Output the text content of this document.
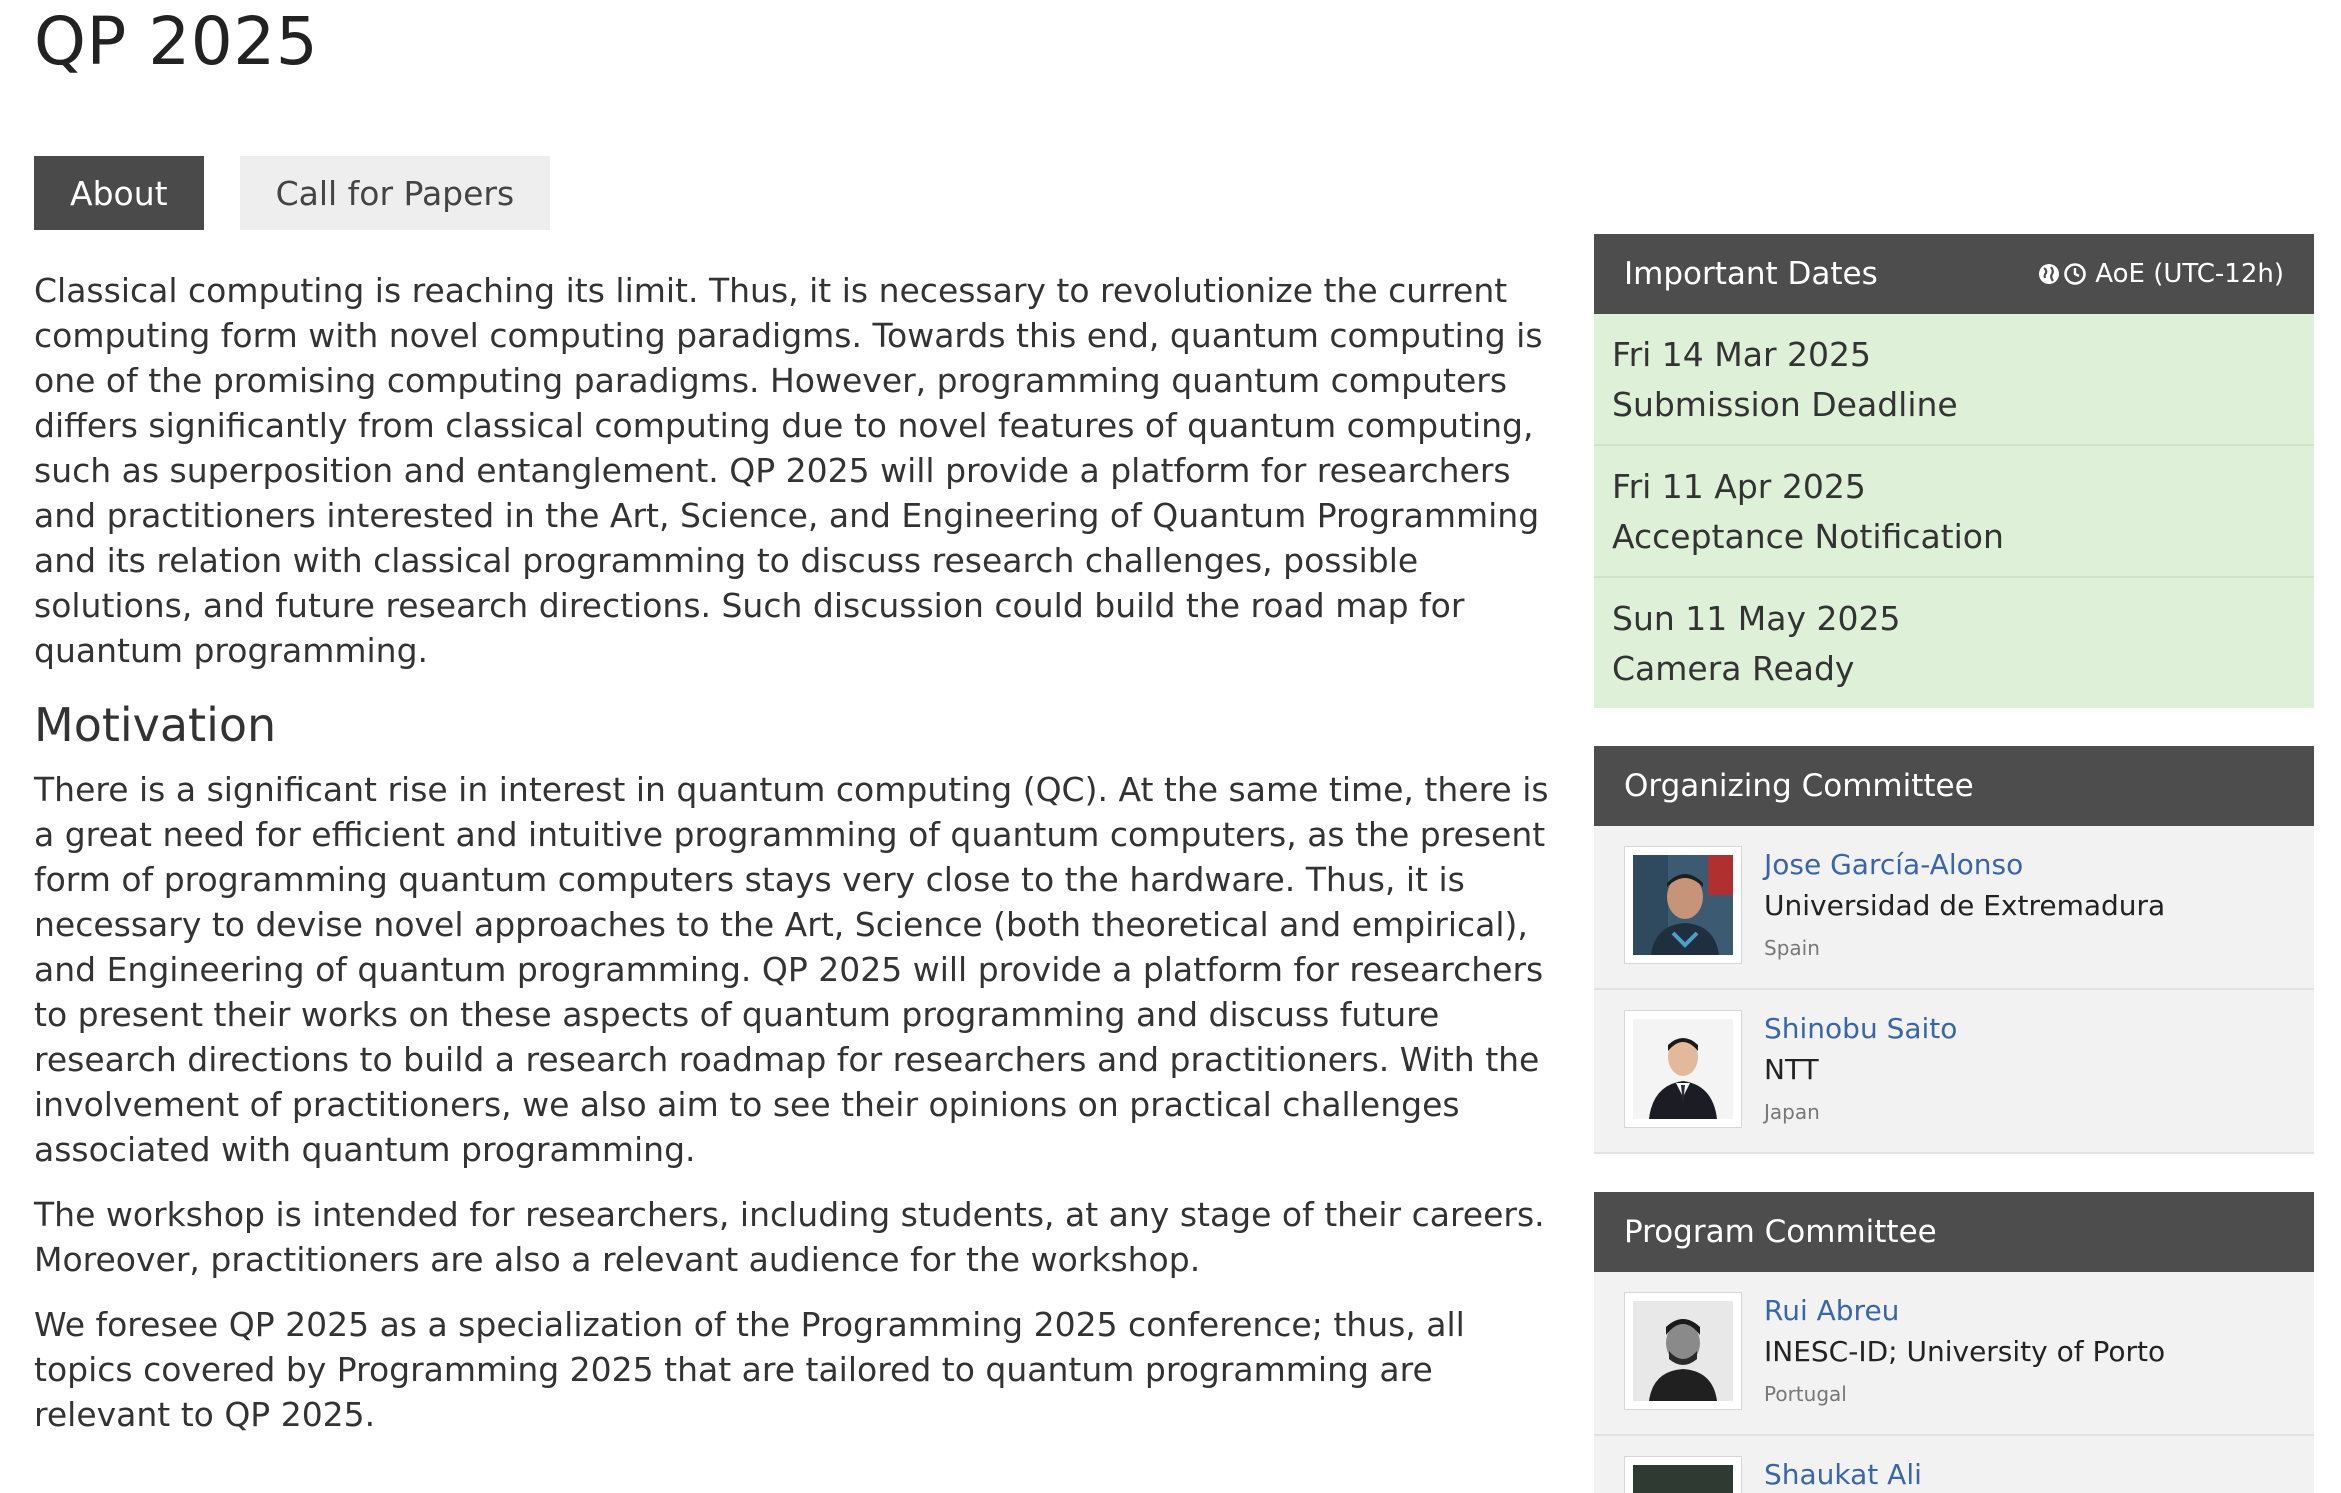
QP 2025
About	Call for Papers

Classical computing is reaching its limit. Thus, it is necessary to revolutionize the current computing form with novel computing paradigms. Towards this end, quantum computing is one of the promising computing paradigms. However, programming quantum computers differs significantly from classical computing due to novel features of quantum computing, such as superposition and entanglement. QP 2025 will provide a platform for researchers and practitioners interested in the Art, Science, and Engineering of Quantum Programming and its relation with classical programming to discuss research challenges, possible solutions, and future research directions. Such discussion could build the road map for quantum programming.

Motivation

There is a significant rise in interest in quantum computing (QC). At the same time, there is a great need for efficient and intuitive programming of quantum computers, as the present form of programming quantum computers stays very close to the hardware. Thus, it is necessary to devise novel approaches to the Art, Science (both theoretical and empirical), and Engineering of quantum programming. QP 2025 will provide a platform for researchers to present their works on these aspects of quantum programming and discuss future research directions to build a research roadmap for researchers and practitioners. With the involvement of practitioners, we also aim to see their opinions on practical challenges associated with quantum programming.

The workshop is intended for researchers, including students, at any stage of their careers. Moreover, practitioners are also a relevant audience for the workshop.

We foresee QP 2025 as a specialization of the Programming 2025 conference; thus, all topics covered by Programming 2025 that are tailored to quantum programming are relevant to QP 2025.

Important Dates	AoE (UTC-12h)
Fri 14 Mar 2025
Submission Deadline
Fri 11 Apr 2025
Acceptance Notification
Sun 11 May 2025
Camera Ready
Organizing Committee
Jose García-Alonso
Universidad de Extremadura
Spain
Shinobu Saito
NTT
Japan
Program Committee
Rui Abreu
INESC-ID; University of Porto
Portugal
Shaukat Ali
